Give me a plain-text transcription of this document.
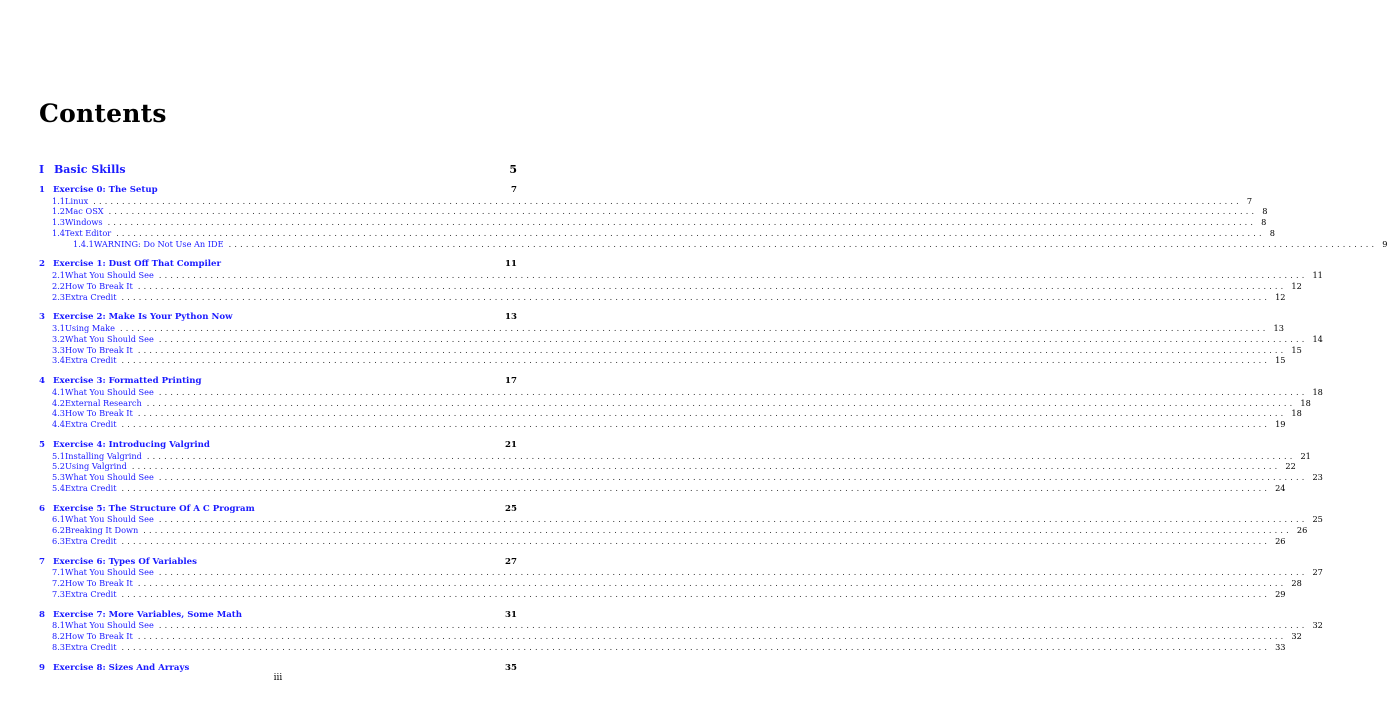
Contents
I Basic Skills	5
1 Exercise 0: The Setup	7
1.1 Linux ........................................................................................................................................................................................................ 7
1.2 Mac OSX ........................................................................................................................................................................................................ 8
1.3 Windows ........................................................................................................................................................................................................ 8
1.4 Text Editor ........................................................................................................................................................................................................ 8
1.4.1 WARNING: Do Not Use An IDE ........................................................................................................................................................................................................ 9
2 Exercise 1: Dust Off That Compiler	11
2.1 What You Should See ........................................................................................................................................................................................................ 11
2.2 How To Break It ........................................................................................................................................................................................................ 12
2.3 Extra Credit ........................................................................................................................................................................................................ 12
3 Exercise 2: Make Is Your Python Now	13
3.1 Using Make ........................................................................................................................................................................................................ 13
3.2 What You Should See ........................................................................................................................................................................................................ 14
3.3 How To Break It ........................................................................................................................................................................................................ 15
3.4 Extra Credit ........................................................................................................................................................................................................ 15
4 Exercise 3: Formatted Printing	17
4.1 What You Should See ........................................................................................................................................................................................................ 18
4.2 External Research ........................................................................................................................................................................................................ 18
4.3 How To Break It ........................................................................................................................................................................................................ 18
4.4 Extra Credit ........................................................................................................................................................................................................ 19
5 Exercise 4: Introducing Valgrind	21
5.1 Installing Valgrind ........................................................................................................................................................................................................ 21
5.2 Using Valgrind ........................................................................................................................................................................................................ 22
5.3 What You Should See ........................................................................................................................................................................................................ 23
5.4 Extra Credit ........................................................................................................................................................................................................ 24
6 Exercise 5: The Structure Of A C Program	25
6.1 What You Should See ........................................................................................................................................................................................................ 25
6.2 Breaking It Down ........................................................................................................................................................................................................ 26
6.3 Extra Credit ........................................................................................................................................................................................................ 26
7 Exercise 6: Types Of Variables	27
7.1 What You Should See ........................................................................................................................................................................................................ 27
7.2 How To Break It ........................................................................................................................................................................................................ 28
7.3 Extra Credit ........................................................................................................................................................................................................ 29
8 Exercise 7: More Variables, Some Math	31
8.1 What You Should See ........................................................................................................................................................................................................ 32
8.2 How To Break It ........................................................................................................................................................................................................ 32
8.3 Extra Credit ........................................................................................................................................................................................................ 33
9 Exercise 8: Sizes And Arrays	35
iii
